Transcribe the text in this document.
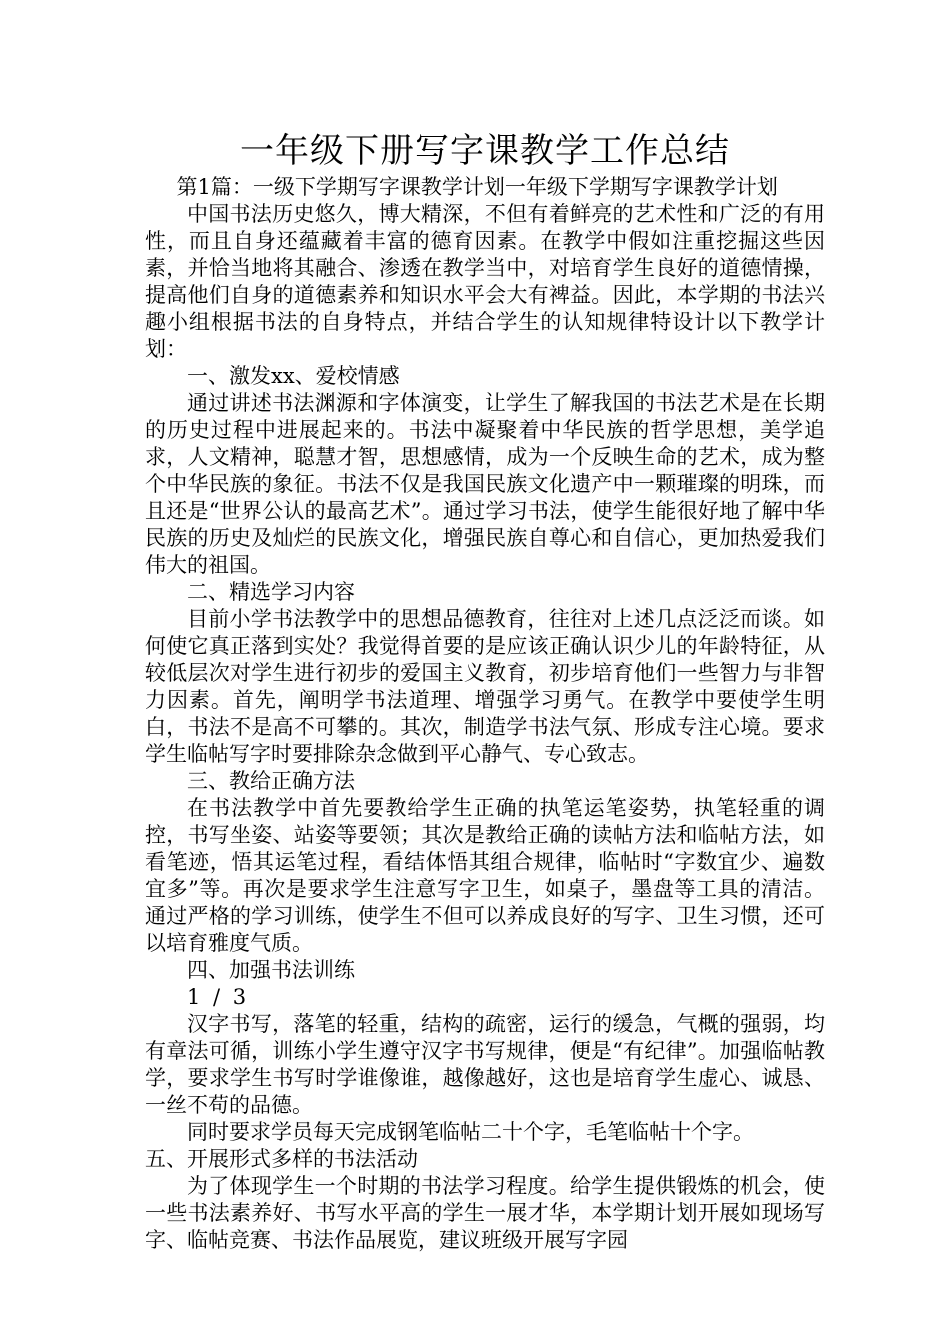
一年级下册写字课教学工作总结

第1篇：一级下学期写字课教学计划一年级下学期写字课教学计划

中国书法历史悠久，博大精深，不但有着鲜亮的艺术性和广泛的有用性，而且自身还蕴藏着丰富的德育因素。在教学中假如注重挖掘这些因素，并恰当地将其融合、渗透在教学当中，对培育学生良好的道德情操，提高他们自身的道德素养和知识水平会大有裨益。因此，本学期的书法兴趣小组根据书法的自身特点，并结合学生的认知规律特设计以下教学计划：

一、激发xx、爱校情感

通过讲述书法渊源和字体演变，让学生了解我国的书法艺术是在长期的历史过程中进展起来的。书法中凝聚着中华民族的哲学思想，美学追求，人文精神，聪慧才智，思想感情，成为一个反映生命的艺术，成为整个中华民族的象征。书法不仅是我国民族文化遗产中一颗璀璨的明珠，而且还是“世界公认的最高艺术”。通过学习书法，使学生能很好地了解中华民族的历史及灿烂的民族文化，增强民族自尊心和自信心，更加热爱我们伟大的祖国。

二、精选学习内容

目前小学书法教学中的思想品德教育，往往对上述几点泛泛而谈。如何使它真正落到实处？我觉得首要的是应该正确认识少儿的年龄特征，从较低层次对学生进行初步的爱国主义教育，初步培育他们一些智力与非智力因素。首先，阐明学书法道理、增强学习勇气。在教学中要使学生明白，书法不是高不可攀的。其次，制造学书法气氛、形成专注心境。要求学生临帖写字时要排除杂念做到平心静气、专心致志。

三、教给正确方法

在书法教学中首先要教给学生正确的执笔运笔姿势，执笔轻重的调控，书写坐姿、站姿等要领；其次是教给正确的读帖方法和临帖方法，如看笔迹，悟其运笔过程，看结体悟其组合规律，临帖时“字数宜少、遍数宜多”等。再次是要求学生注意写字卫生，如桌子，墨盘等工具的清洁。通过严格的学习训练，使学生不但可以养成良好的写字、卫生习惯，还可以培育雅度气质。

四、加强书法训练

1 / 3

汉字书写，落笔的轻重，结构的疏密，运行的缓急，气概的强弱，均有章法可循，训练小学生遵守汉字书写规律，便是“有纪律”。加强临帖教学，要求学生书写时学谁像谁，越像越好，这也是培育学生虚心、诚恳、一丝不苟的品德。

同时要求学员每天完成钢笔临帖二十个字，毛笔临帖十个字。

五、开展形式多样的书法活动

为了体现学生一个时期的书法学习程度。给学生提供锻炼的机会，使一些书法素养好、书写水平高的学生一展才华，本学期计划开展如现场写字、临帖竞赛、书法作品展览，建议班级开展写字园
